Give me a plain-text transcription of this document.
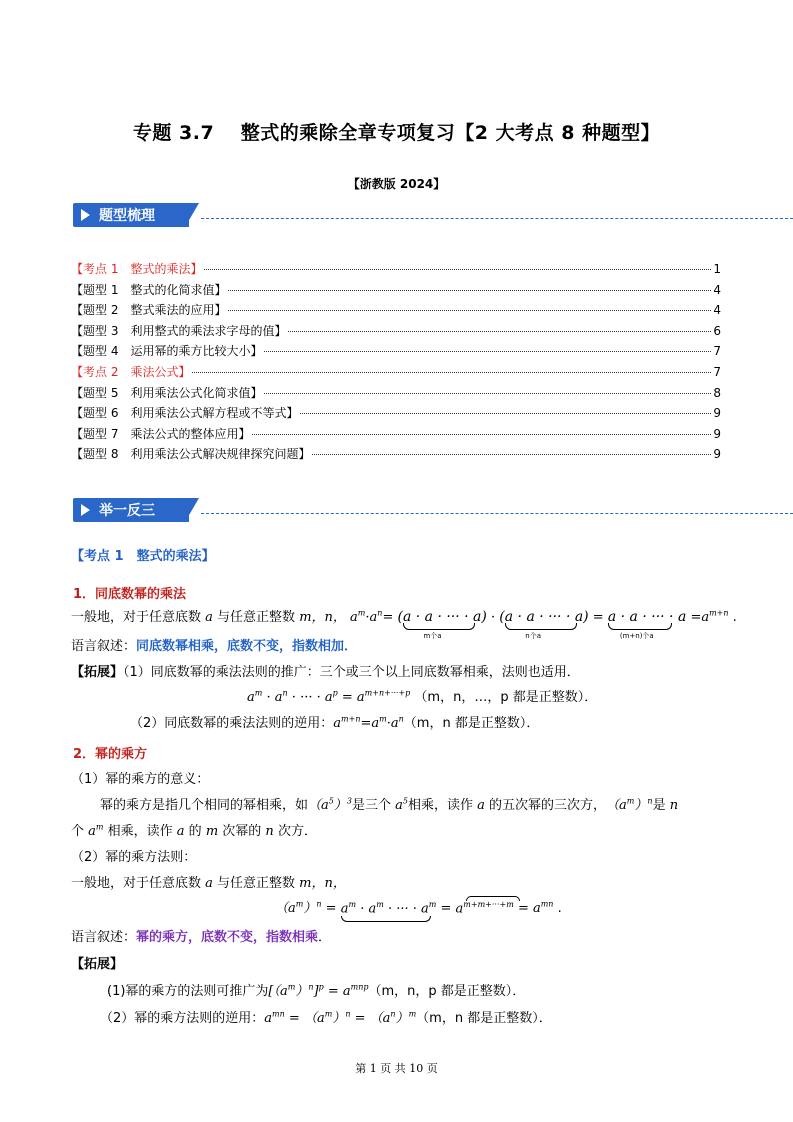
专题 3.7　 整式的乘除全章专项复习【2 大考点 8 种题型】
【浙教版 2024】
题型梳理
【考点 1　整式的乘法】	1
【题型 1　整式的化简求值】	4
【题型 2　整式乘法的应用】	4
【题型 3　利用整式的乘法求字母的值】	6
【题型 4　运用幂的乘方比较大小】	7
【考点 2　乘法公式】	7
【题型 5　利用乘法公式化简求值】	8
【题型 6　利用乘法公式解方程或不等式】	9
【题型 7　乘法公式的整体应用】	9
【题型 8　利用乘法公式解决规律探究问题】	9
举一反三
【考点 1　整式的乘法】
1．同底数幂的乘法
一般地，对于任意底数 a 与任意正整数 m，n， $a^m\cdot a^n= (a \cdot a$ · ··· · a)
m个a
· (a · a · ··· · a)
n个a
= a · a · ··· · a
(m+n)个a
$=a^{m+n}$ .
语言叙述：同底数幂相乘，底数不变，指数相加．
【拓展】（1）同底数幂的乘法法则的推广：三个或三个以上同底数幂相乘，法则也适用．
$a^m \cdot a^n$ · ··· · $a^p = a^{m+n+\cdot\cdot\cdot+p}$ （m，n，…，p 都是正整数）．
（2）同底数幂的乘法法则的逆用：$a^{m+n}=a^m\cdot a^n(m$，n 都是正整数）．
2．幂的乘方
（1）幂的乘方的意义：
幂的乘方是指几个相同的幂相乘，如$(a^5)^3$是三个 $a^5$相乘，读作 a 的五次幂的三次方，　$(a^m)^n$是 n
个 $a^m$ 相乘，读作 a 的 m 次幂的 n 次方．
（2）幂的乘方法则：
一般地，对于任意底数 a 与任意正整数 m，n，
$(a^m)^n = a^m \cdot a^m$ · ··· · $a^m = a^{m+m+\cdot\cdot\cdot+m}$
= $a^{mn}$ .
语言叙述：幂的乘方，底数不变，指数相乘．
【拓展】
(1)幂的乘方的法则可推广为$[(a^m)^n]^p = a^{mnp}(m$，n，p 都是正整数）．
（2）幂的乘方法则的逆用：$a^{mn} = (a^m)^n = (a^n)^m(m$，n 都是正整数）．
第 1 页 共 10 页
